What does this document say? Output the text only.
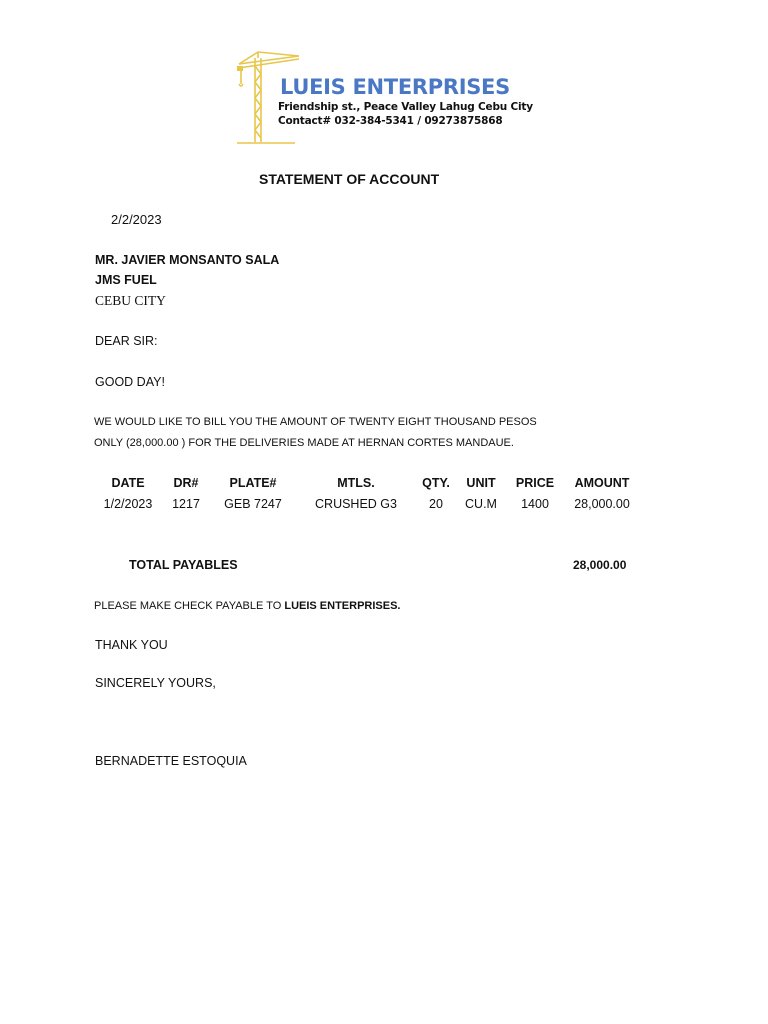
LUEIS ENTERPRISES
Friendship st., Peace Valley Lahug Cebu City
Contact# 032-384-5341 / 09273875868
STATEMENT OF ACCOUNT
2/2/2023
MR. JAVIER MONSANTO SALA
JMS FUEL
CEBU CITY
DEAR SIR:
GOOD DAY!
WE WOULD LIKE TO BILL YOU THE AMOUNT OF TWENTY EIGHT THOUSAND PESOS
ONLY (28,000.00 ) FOR THE DELIVERIES MADE AT HERNAN CORTES MANDAUE.
DATE DR# PLATE#	MTLS.	QTY. UNIT PRICE AMOUNT
1/2/2023 1217 GEB 7247	CRUSHED G3	20 CU.M 1400 28,000.00
TOTAL PAYABLES	28,000.00
PLEASE MAKE CHECK PAYABLE TO LUEIS ENTERPRISES.
THANK YOU
SINCERELY YOURS,
BERNADETTE ESTOQUIA
